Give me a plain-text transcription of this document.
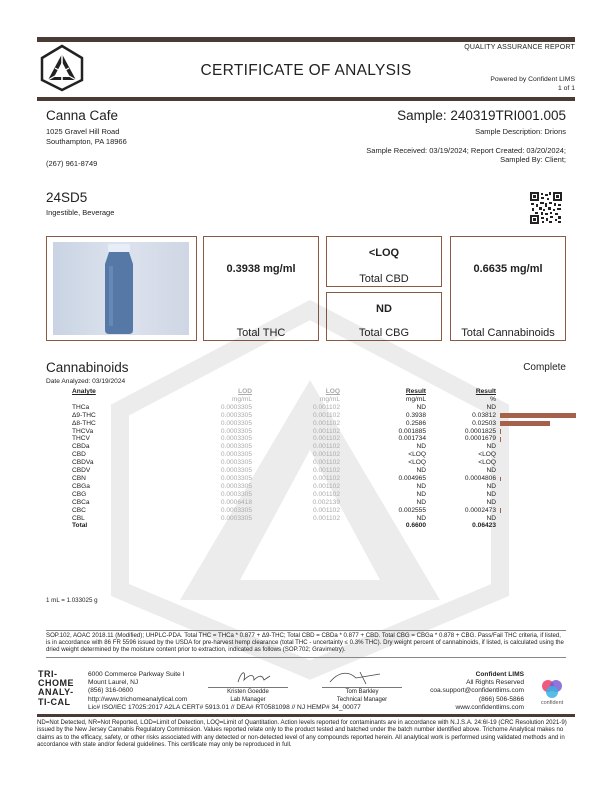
QUALITY ASSURANCE REPORT
CERTIFICATE OF ANALYSIS
Powered by Confident LIMS
1 of 1
Canna Cafe
1025 Gravel Hill Road
Southampton, PA 18966
(267) 961-8749
Sample: 240319TRI001.005
Sample Description: Drions
Sample Received: 03/19/2024; Report Created: 03/20/2024;
Sampled By: Client;
24SD5
Ingestible, Beverage
0.3938 mg/ml
Total THC
<LOQ
Total CBD
ND
Total CBG
0.6635 mg/ml
Total Cannabinoids
Cannabinoids	Complete
Date Analyzed: 03/19/2024
Analyte	LOD	LOQ	Result	Result	
	mg/mL	mg/mL	mg/mL	%	
THCa	0.0003305	0.001102	ND	ND	
Δ9-THC	0.0003305	0.001102	0.3938	0.03812	

Δ8-THC	0.0003305	0.001102	0.2586	0.02503	

THCVa	0.0003305	0.001102	0.001885	0.0001825	

THCV	0.0003305	0.001102	0.001734	0.0001679	

CBDa	0.0003305	0.001102	ND	ND	
CBD	0.0003305	0.001102	<LOQ	<LOQ	
CBDVa	0.0003305	0.001102	<LOQ	<LOQ	
CBDV	0.0003305	0.001102	ND	ND	
CBN	0.0003305	0.001102	0.004965	0.0004806	

CBGa	0.0003305	0.001102	ND	ND	
CBG	0.0003305	0.001102	ND	ND	
CBCa	0.0006418	0.002139	ND	ND	
CBC	0.0003305	0.001102	0.002555	0.0002473	

CBL	0.0003305	0.001102	ND	ND	
Total			0.6600	0.06423	
1 mL = 1.033025 g
SOP.102, AOAC 2018.11 (Modified); UHPLC-PDA. Total THC = THCa * 0.877 + Δ9-THC; Total CBD = CBDa * 0.877 + CBD. Total CBG = CBGa * 0.878 + CBG. Pass/Fail THC criteria, if listed, is in accordance with 86 FR 5596 issued by the USDA for pre-harvest hemp clearance (total THC - uncertainty ≤ 0.3% THC). Dry weight percent of cannabinoids, if listed, is calculated using the dried weight determined by the moisture content prior to extraction, indicated as follows (SOP.702; Gravimetry).
TRI-
CHOME
ANALY-
TI-CAL
6000 Commerce Parkway Suite I
Mount Laurel, NJ
(856) 316-0600
http://www.trichomeanalytical.com
Lic# ISO/IEC 17025:2017 A2LA CERT# 5913.01 // DEA# RT0581098 // NJ HEMP# 34_00077
Kristen Goedde
Lab Manager
Tom Barkley
Technical Manager
Confident LIMS
All Rights Reserved
coa.support@confidentlims.com
(866) 506-5866
www.confidentlims.com
confident
ND=Not Detected, NR=Not Reported, LOD=Limit of Detection, LOQ=Limit of Quantitation. Action levels reported for contaminants are in accordance with N.J.S.A. 24:6I-19 (CRC Resolution 2021-9) issued by the New Jersey Cannabis Regulatory Commission. Values reported relate only to the product tested and batched under the batch number identified above. Trichome Analytical makes no claims as to the efficacy, safety, or other risks associated with any detected or non-detected level of any compounds reported herein. All analytical work is performed using validated methods and in accordance with state and/or federal guidelines. This certificate may only be reproduced in full.
